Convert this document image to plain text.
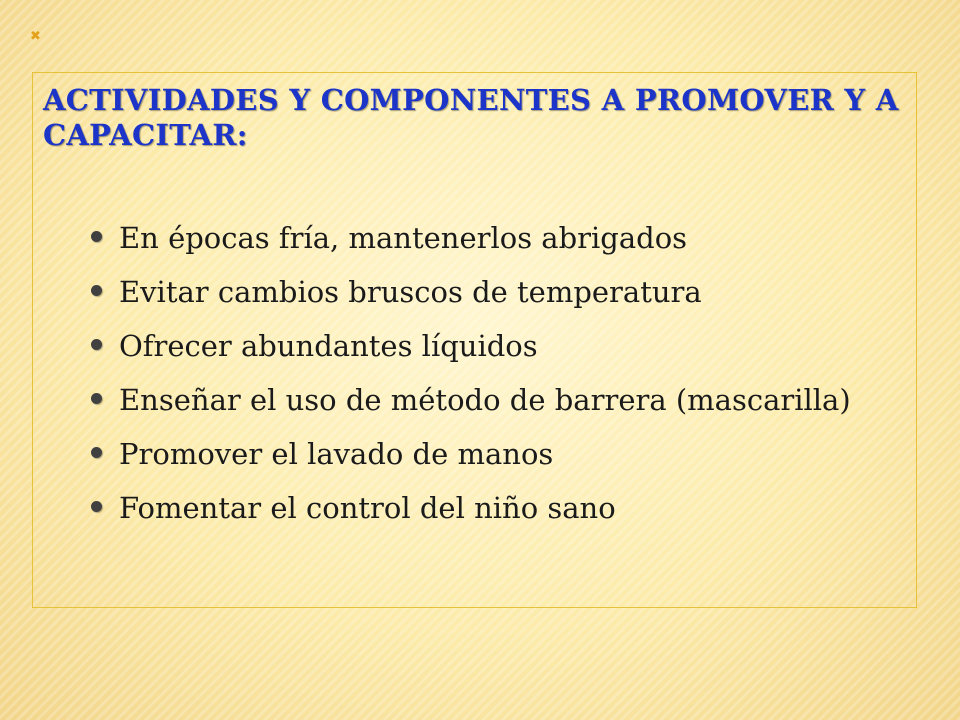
✖
ACTIVIDADES Y COMPONENTES A PROMOVER Y A CAPACITAR:
En épocas fría, mantenerlos abrigados
Evitar cambios bruscos de temperatura
Ofrecer abundantes líquidos
Enseñar el uso de método de barrera (mascarilla)
Promover el lavado de manos
Fomentar el control del niño sano
